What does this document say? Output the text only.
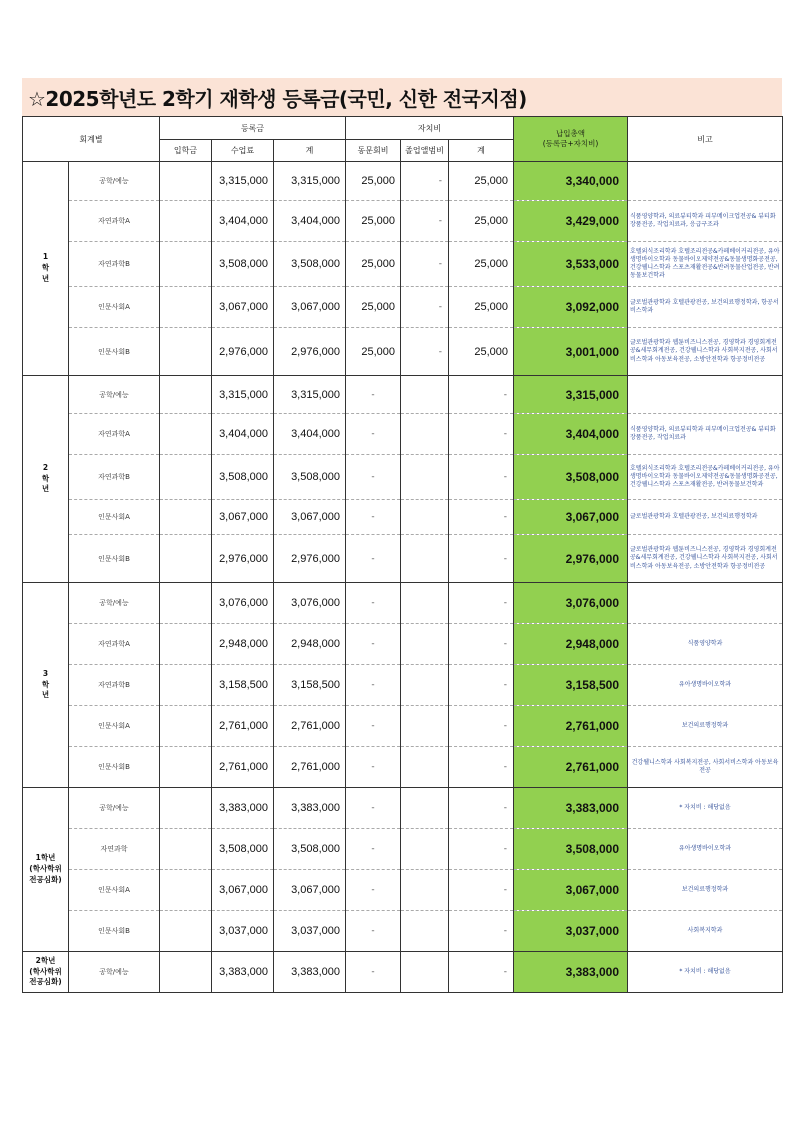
☆2025학년도 2학기 재학생 등록금(국민, 신한 전국지점)
회계별		등록금			자치비			납입총액
(등록금+자치비)	비고
		입학금	수업료	계	동문회비	졸업앨범비	계		
1
학
년	공학/예능		3,315,000	3,315,000	25,000	-	25,000	3,340,000	
	자연과학A		3,404,000	3,404,000	25,000	-	25,000	3,429,000	식품영양학과, 의료뷰티학과 피부메이크업전공& 뷰티화장품전공, 작업치료과, 응급구조과
	자연과학B		3,508,000	3,508,000	25,000	-	25,000	3,533,000	호텔외식조리학과 호텔조리전공&카페베이커리전공, 유아생명바이오학과 동물바이오제약전공&동물생명화공전공, 건강웰니스학과 스포츠재활전공&반려동물산업전공, 반려동물보건학과
	인문사회A		3,067,000	3,067,000	25,000	-	25,000	3,092,000	글로벌관광학과 호텔관광전공, 보건의료행정학과, 항공서비스학과
	인문사회B		2,976,000	2,976,000	25,000	-	25,000	3,001,000	글로벌관광학과 웹툰비즈니스전공, 경영학과 경영회계전공&세무회계전공, 건강웰니스학과 사회복지전공, 사회서비스학과 아동보육전공, 소방안전학과 항공정비전공
2
학
년	공학/예능		3,315,000	3,315,000	-		-	3,315,000	
	자연과학A		3,404,000	3,404,000	-		-	3,404,000	식품영양학과, 의료뷰티학과 피부메이크업전공& 뷰티화장품전공, 작업치료과
	자연과학B		3,508,000	3,508,000	-		-	3,508,000	호텔외식조리학과 호텔조리전공&카페베이커리전공, 유아생명바이오학과 동물바이오제약전공&동물생명화공전공, 건강웰니스학과 스포츠재활전공, 반려동물보건학과
	인문사회A		3,067,000	3,067,000	-		-	3,067,000	글로벌관광학과 호텔관광전공, 보건의료행정학과
	인문사회B		2,976,000	2,976,000	-		-	2,976,000	글로벌관광학과 웹툰비즈니스전공, 경영학과 경영회계전공&세무회계전공, 건강웰니스학과 사회복지전공, 사회서비스학과 아동보육전공, 소방안전학과 항공정비전공
3
학
년	공학/예능		3,076,000	3,076,000	-		-	3,076,000	
	자연과학A		2,948,000	2,948,000	-		-	2,948,000	식품영양학과
	자연과학B		3,158,500	3,158,500	-		-	3,158,500	유아생명바이오학과
	인문사회A		2,761,000	2,761,000	-		-	2,761,000	보건의료행정학과
	인문사회B		2,761,000	2,761,000	-		-	2,761,000	건강웰니스학과 사회복지전공, 사회서비스학과 아동보육전공
1학년
(학사학위
전공심화)	공학/예능		3,383,000	3,383,000	-		-	3,383,000	* 자치비 : 해당없음
	자연과학		3,508,000	3,508,000	-		-	3,508,000	유아생명바이오학과
	인문사회A		3,067,000	3,067,000	-		-	3,067,000	보건의료행정학과
	인문사회B		3,037,000	3,037,000	-		-	3,037,000	사회복지학과
2학년
(학사학위
전공심화)	공학/예능		3,383,000	3,383,000	-		-	3,383,000	* 자치비 : 해당없음
